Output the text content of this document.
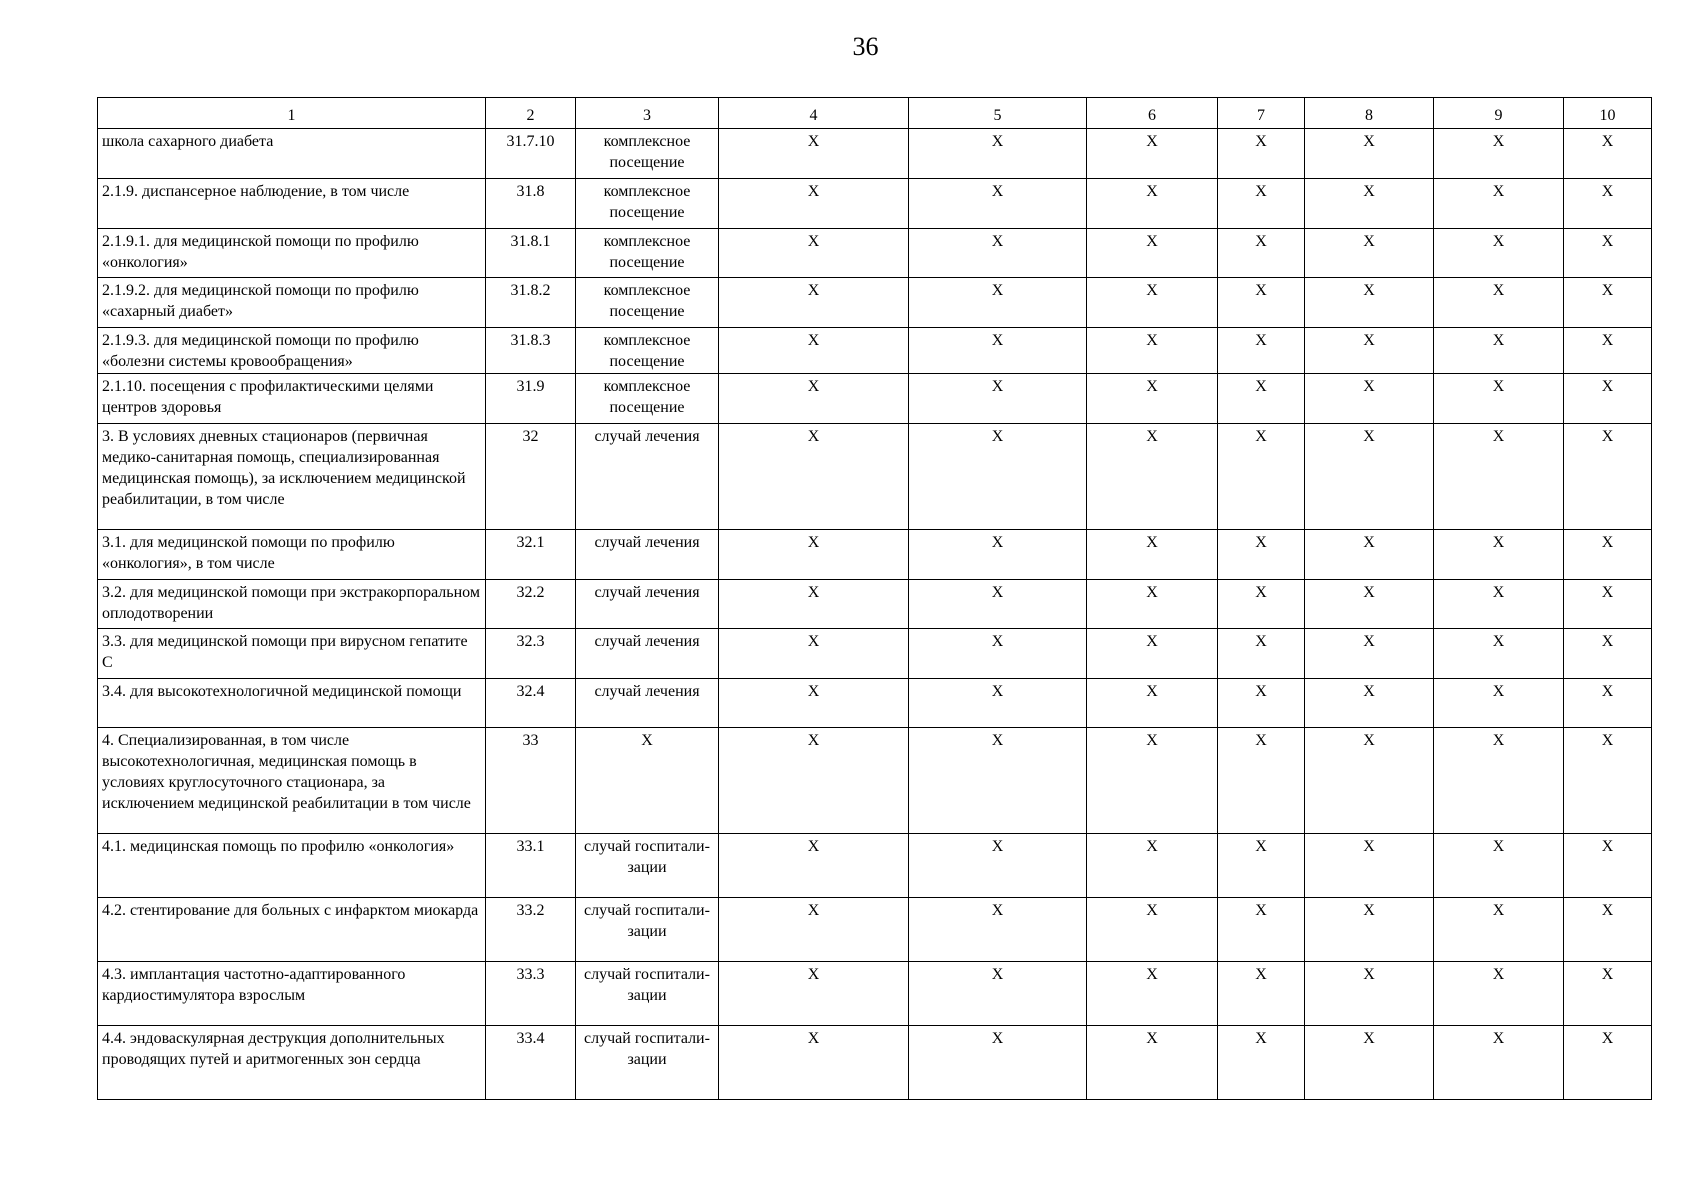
36
1	2	3	4	5	6	7	8	9	10
школа сахарного диабета	31.7.10	комплексное посещение	Х	Х	Х	Х	Х	Х	Х
2.1.9. диспансерное наблюдение, в том числе	31.8	комплексное посещение	Х	Х	Х	Х	Х	Х	Х
2.1.9.1. для медицинской помощи по профилю «онкология»	31.8.1	комплексное посещение	Х	Х	Х	Х	Х	Х	Х
2.1.9.2. для медицинской помощи по профилю «сахарный диабет»	31.8.2	комплексное посещение	Х	Х	Х	Х	Х	Х	Х
2.1.9.3. для медицинской помощи по профилю «болезни системы кровообращения»	31.8.3	комплексное посещение	Х	Х	Х	Х	Х	Х	Х
2.1.10. посещения с профилактическими целями центров здоровья	31.9	комплексное посещение	Х	Х	Х	Х	Х	Х	Х
3. В условиях дневных стационаров (первичная медико-санитарная помощь, специализированная медицинская помощь), за исключением медицинской реабилитации, в том числе	32	случай лечения	Х	Х	Х	Х	Х	Х	Х
3.1. для медицинской помощи по профилю «онкология», в том числе	32.1	случай лечения	Х	Х	Х	Х	Х	Х	Х
3.2. для медицинской помощи при экстракорпоральном оплодотворении	32.2	случай лечения	Х	Х	Х	Х	Х	Х	Х
3.3. для медицинской помощи при вирусном гепатите С	32.3	случай лечения	Х	Х	Х	Х	Х	Х	Х
3.4. для высокотехнологичной медицинской помощи	32.4	случай лечения	Х	Х	Х	Х	Х	Х	Х
4. Специализированная, в том числе высокотехнологичная, медицинская помощь в условиях круглосуточного стационара, за исключением медицинской реабилитации в том числе	33	Х	Х	Х	Х	Х	Х	Х	Х
4.1. медицинская помощь по профилю «онкология»	33.1	случай госпитали-зации	Х	Х	Х	Х	Х	Х	Х
4.2. стентирование для больных с инфарктом миокарда	33.2	случай госпитали-зации	Х	Х	Х	Х	Х	Х	Х
4.3. имплантация частотно-адаптированного кардиостимулятора взрослым	33.3	случай госпитали-зации	Х	Х	Х	Х	Х	Х	Х
4.4. эндоваскулярная деструкция дополнительных проводящих путей и аритмогенных зон сердца	33.4	случай госпитали-зации	Х	Х	Х	Х	Х	Х	Х
